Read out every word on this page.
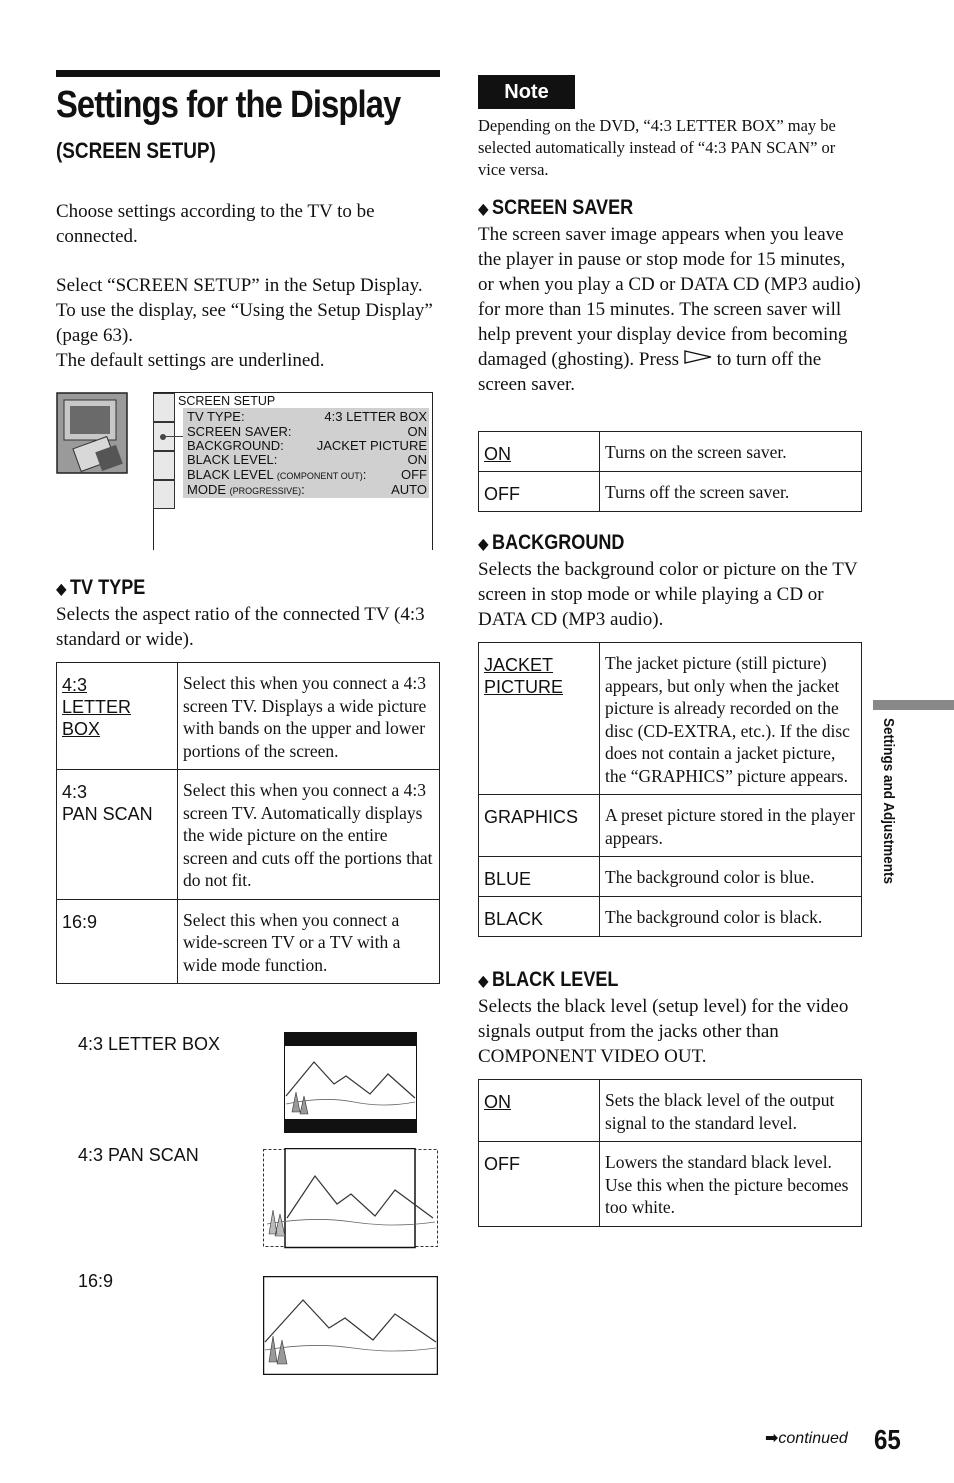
Settings for the Display
(SCREEN SETUP)
Choose settings according to the TV to be connected.
Select “SCREEN SETUP” in the Setup Display. To use the display, see “Using the Setup Display” (page 63).
The default settings are underlined.
SCREEN SETUP
TV TYPE:	4:3 LETTER BOX
SCREEN SAVER:	ON
BACKGROUND:	JACKET PICTURE
BLACK LEVEL:	ON
BLACK LEVEL (COMPONENT OUT):	OFF
MODE (PROGRESSIVE):	AUTO
◆ TV TYPE
Selects the aspect ratio of the connected TV (4:3 standard or wide).
4:3
LETTER
BOX	Select this when you connect a 4:3 screen TV. Displays a wide picture with bands on the upper and lower portions of the screen.
4:3
PAN SCAN	Select this when you connect a 4:3 screen TV. Automatically displays the wide picture on the entire screen and cuts off the portions that do not fit.
16:9	Select this when you connect a wide-screen TV or a TV with a wide mode function.
4:3 LETTER BOX
4:3 PAN SCAN
16:9
Note
Depending on the DVD, “4:3 LETTER BOX” may be selected automatically instead of “4:3 PAN SCAN” or vice versa.
◆ SCREEN SAVER
The screen saver image appears when you leave the player in pause or stop mode for 15 minutes, or when you play a CD or DATA CD (MP3 audio) for more than 15 minutes. The screen saver will help prevent your display device from becoming damaged (ghosting). Press  to turn off the screen saver.
ON	Turns on the screen saver.
OFF	Turns off the screen saver.
◆ BACKGROUND
Selects the background color or picture on the TV screen in stop mode or while playing a CD or DATA CD (MP3 audio).
JACKET
PICTURE	The jacket picture (still picture) appears, but only when the jacket picture is already recorded on the disc (CD-EXTRA, etc.). If the disc does not contain a jacket picture, the “GRAPHICS” picture appears.
GRAPHICS	A preset picture stored in the player appears.
BLUE	The background color is blue.
BLACK	The background color is black.
◆ BLACK LEVEL
Selects the black level (setup level) for the video signals output from the jacks other than COMPONENT VIDEO OUT.
ON	Sets the black level of the output signal to the standard level.
OFF	Lowers the standard black level. Use this when the picture becomes too white.
Settings and Adjustments
➡continued 65
